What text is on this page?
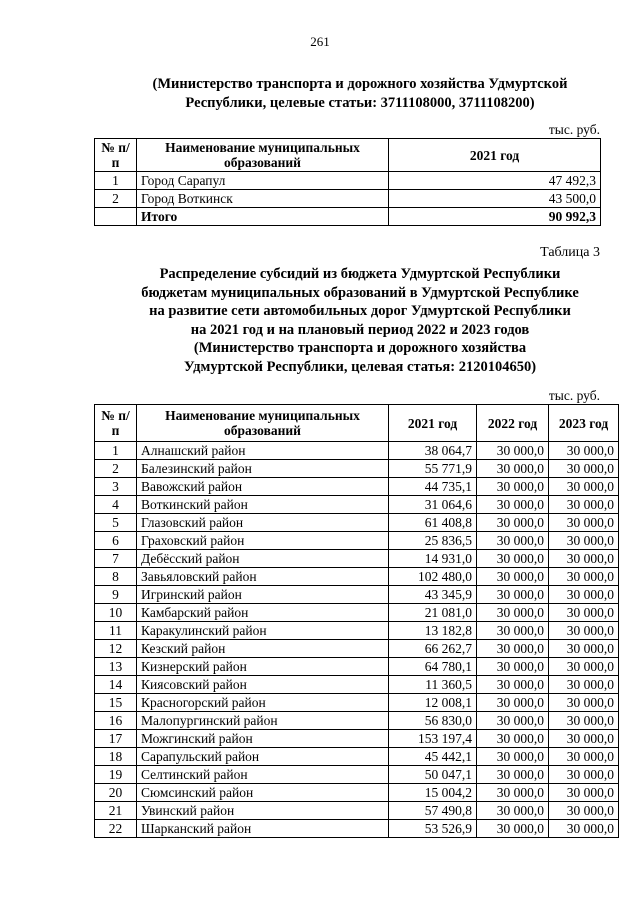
261
(Министерство транспорта и дорожного хозяйства Удмуртской
Республики, целевые статьи: 3711108000, 3711108200)
тыс. руб.
№ п/п	Наименование муниципальных образований	2021 год
1	Город Сарапул	47 492,3
2	Город Воткинск	43 500,0
	Итого	90 992,3
Таблица 3
Распределение субсидий из бюджета Удмуртской Республики
бюджетам муниципальных образований в Удмуртской Республике
на развитие сети автомобильных дорог Удмуртской Республики
на 2021 год и на плановый период 2022 и 2023 годов
(Министерство транспорта и дорожного хозяйства
Удмуртской Республики, целевая статья: 2120104650)
тыс. руб.
№ п/п	Наименование муниципальных образований	2021 год	2022 год	2023 год
1	Алнашский район	38 064,7	30 000,0	30 000,0
2	Балезинский район	55 771,9	30 000,0	30 000,0
3	Вавожский район	44 735,1	30 000,0	30 000,0
4	Воткинский район	31 064,6	30 000,0	30 000,0
5	Глазовский район	61 408,8	30 000,0	30 000,0
6	Граховский район	25 836,5	30 000,0	30 000,0
7	Дебёсский район	14 931,0	30 000,0	30 000,0
8	Завьяловский район	102 480,0	30 000,0	30 000,0
9	Игринский район	43 345,9	30 000,0	30 000,0
10	Камбарский район	21 081,0	30 000,0	30 000,0
11	Каракулинский район	13 182,8	30 000,0	30 000,0
12	Кезский район	66 262,7	30 000,0	30 000,0
13	Кизнерский район	64 780,1	30 000,0	30 000,0
14	Киясовский район	11 360,5	30 000,0	30 000,0
15	Красногорский район	12 008,1	30 000,0	30 000,0
16	Малопургинский район	56 830,0	30 000,0	30 000,0
17	Можгинский район	153 197,4	30 000,0	30 000,0
18	Сарапульский район	45 442,1	30 000,0	30 000,0
19	Селтинский район	50 047,1	30 000,0	30 000,0
20	Сюмсинский район	15 004,2	30 000,0	30 000,0
21	Увинский район	57 490,8	30 000,0	30 000,0
22	Шарканский район	53 526,9	30 000,0	30 000,0
